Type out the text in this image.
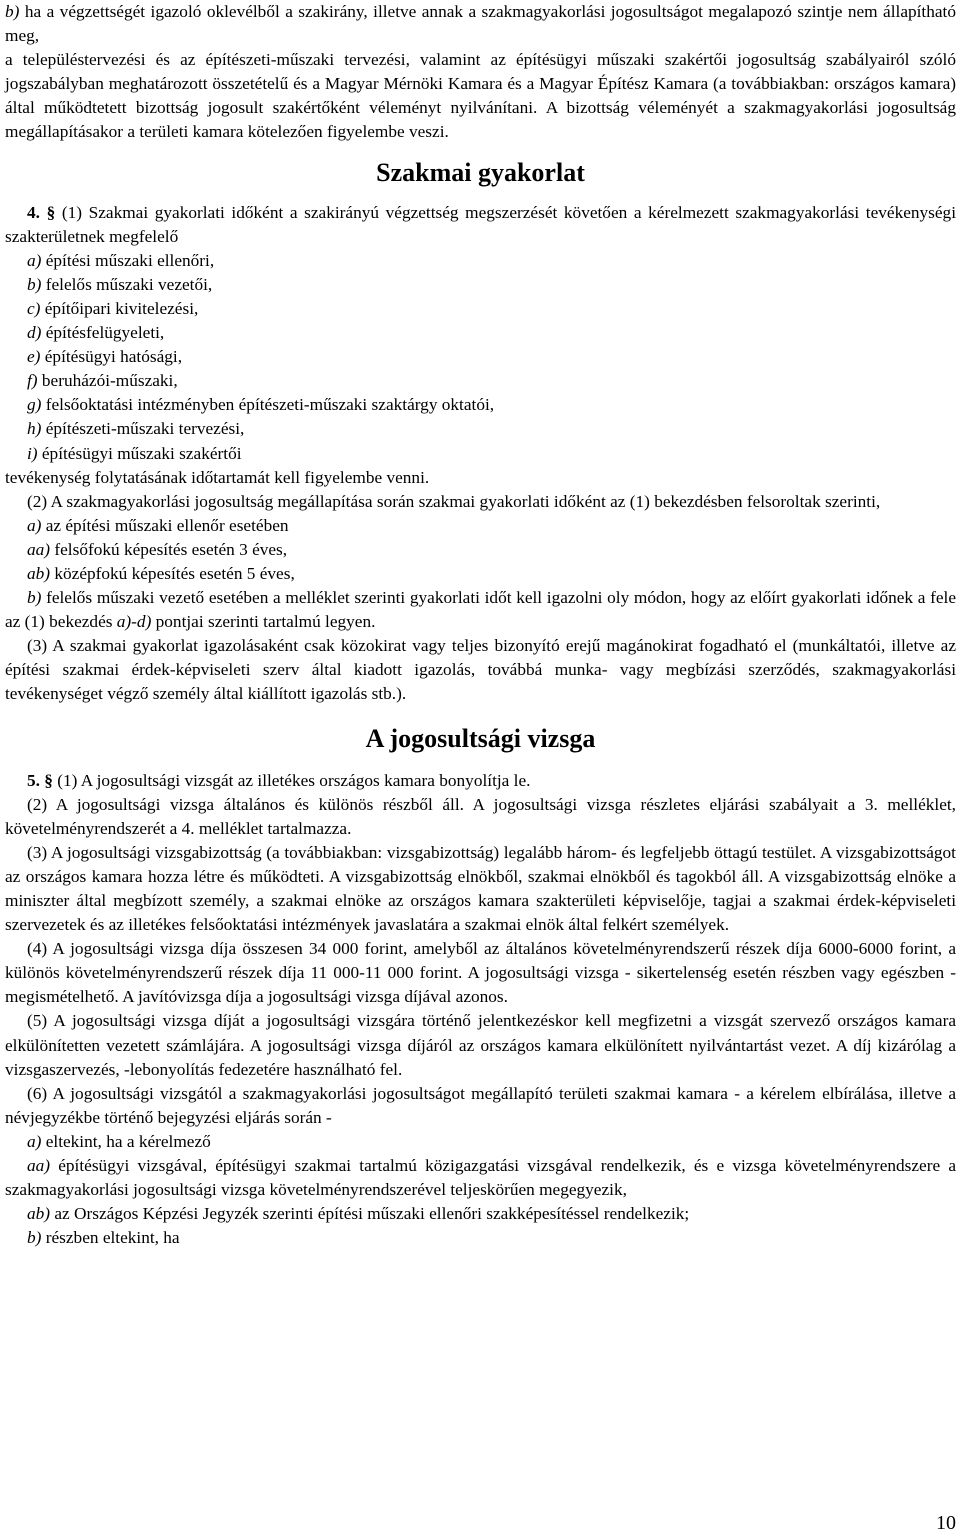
b) ha a végzettségét igazoló oklevélből a szakirány, illetve annak a szakmagyakorlási jogosultságot megalapozó szintje nem állapítható meg,

a településtervezési és az építészeti-műszaki tervezési, valamint az építésügyi műszaki szakértői jogosultság szabályairól szóló jogszabályban meghatározott összetételű és a Magyar Mérnöki Kamara és a Magyar Építész Kamara (a továbbiakban: országos kamara) által működtetett bizottság jogosult szakértőként véleményt nyilvánítani. A bizottság véleményét a szakmagyakorlási jogosultság megállapításakor a területi kamara kötelezően figyelembe veszi.

Szakmai gyakorlat

4. § (1) Szakmai gyakorlati időként a szakirányú végzettség megszerzését követően a kérelmezett szakmagyakorlási tevékenységi szakterületnek megfelelő

a) építési műszaki ellenőri,

b) felelős műszaki vezetői,

c) építőipari kivitelezési,

d) építésfelügyeleti,

e) építésügyi hatósági,

f) beruházói-műszaki,

g) felsőoktatási intézményben építészeti-műszaki szaktárgy oktatói,

h) építészeti-műszaki tervezési,

i) építésügyi műszaki szakértői

tevékenység folytatásának időtartamát kell figyelembe venni.

(2) A szakmagyakorlási jogosultság megállapítása során szakmai gyakorlati időként az (1) bekezdésben felsoroltak szerinti,

a) az építési műszaki ellenőr esetében

aa) felsőfokú képesítés esetén 3 éves,

ab) középfokú képesítés esetén 5 éves,

b) felelős műszaki vezető esetében a melléklet szerinti gyakorlati időt kell igazolni oly módon, hogy az előírt gyakorlati időnek a fele az (1) bekezdés a)-d) pontjai szerinti tartalmú legyen.

(3) A szakmai gyakorlat igazolásaként csak közokirat vagy teljes bizonyító erejű magánokirat fogadható el (munkáltatói, illetve az építési szakmai érdek-képviseleti szerv által kiadott igazolás, továbbá munka- vagy megbízási szerződés, szakmagyakorlási tevékenységet végző személy által kiállított igazolás stb.).

A jogosultsági vizsga

5. § (1) A jogosultsági vizsgát az illetékes országos kamara bonyolítja le.

(2) A jogosultsági vizsga általános és különös részből áll. A jogosultsági vizsga részletes eljárási szabályait a 3. melléklet, követelményrendszerét a 4. melléklet tartalmazza.

(3) A jogosultsági vizsgabizottság (a továbbiakban: vizsgabizottság) legalább három- és legfeljebb öttagú testület. A vizsgabizottságot az országos kamara hozza létre és működteti. A vizsgabizottság elnökből, szakmai elnökből és tagokból áll. A vizsgabizottság elnöke a miniszter által megbízott személy, a szakmai elnöke az országos kamara szakterületi képviselője, tagjai a szakmai érdek-képviseleti szervezetek és az illetékes felsőoktatási intézmények javaslatára a szakmai elnök által felkért személyek.

(4) A jogosultsági vizsga díja összesen 34 000 forint, amelyből az általános követelményrendszerű részek díja 6000-6000 forint, a különös követelményrendszerű részek díja 11 000-11 000 forint. A jogosultsági vizsga - sikertelenség esetén részben vagy egészben - megismételhető. A javítóvizsga díja a jogosultsági vizsga díjával azonos.

(5) A jogosultsági vizsga díját a jogosultsági vizsgára történő jelentkezéskor kell megfizetni a vizsgát szervező országos kamara elkülönítetten vezetett számlájára. A jogosultsági vizsga díjáról az országos kamara elkülönített nyilvántartást vezet. A díj kizárólag a vizsgaszervezés, -lebonyolítás fedezetére használható fel.

(6) A jogosultsági vizsgától a szakmagyakorlási jogosultságot megállapító területi szakmai kamara - a kérelem elbírálása, illetve a névjegyzékbe történő bejegyzési eljárás során -

a) eltekint, ha a kérelmező

aa) építésügyi vizsgával, építésügyi szakmai tartalmú közigazgatási vizsgával rendelkezik, és e vizsga követelményrendszere a szakmagyakorlási jogosultsági vizsga követelményrendszerével teljeskörűen megegyezik,

ab) az Országos Képzési Jegyzék szerinti építési műszaki ellenőri szakképesítéssel rendelkezik;

b) részben eltekint, ha

10
